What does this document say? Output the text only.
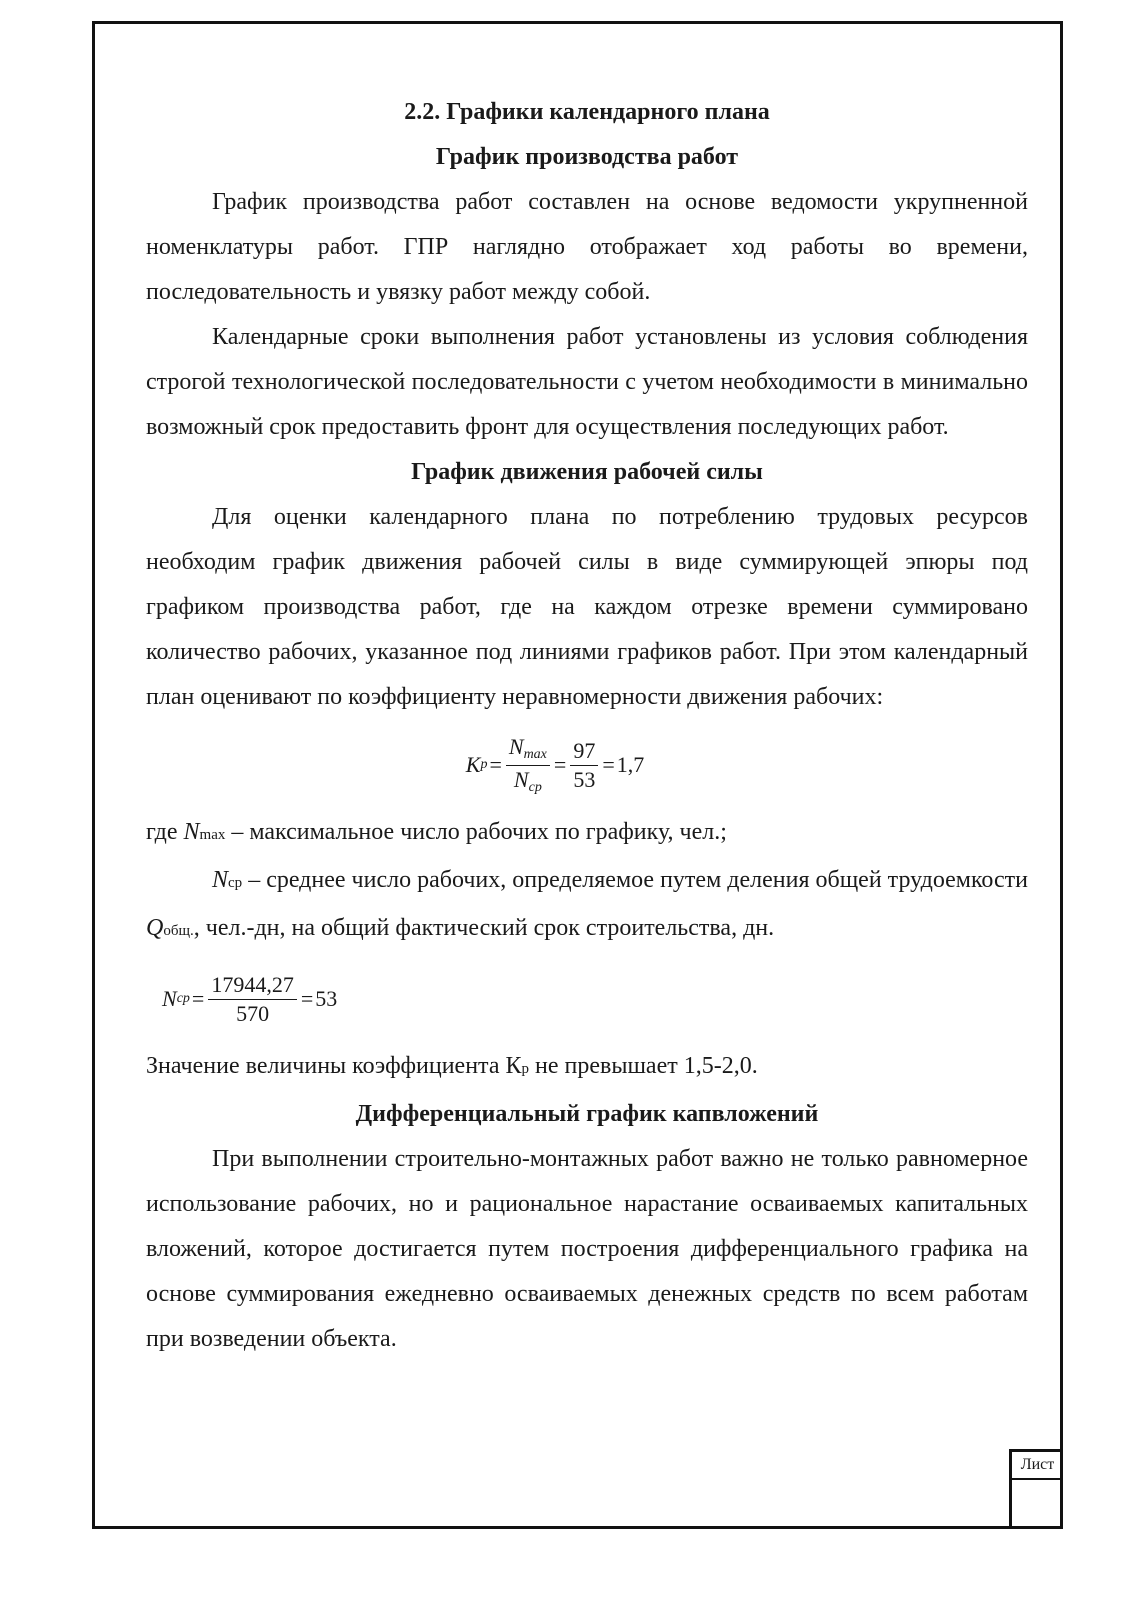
2.2. Графики календарного плана

График производства работ

График производства работ составлен на основе ведомости укрупненной номенклатуры работ. ГПР наглядно отображает ход работы во времени, последовательность и увязку работ между собой.

Календарные сроки выполнения работ установлены из условия соблюдения строгой технологической последовательности с учетом необходимости в минимально возможный срок предоставить фронт для осуществления последующих работ.

График движения рабочей силы

Для оценки календарного плана по потреблению трудовых ресурсов необходим график движения рабочей силы в виде суммирующей эпюры под графиком производства работ, где на каждом отрезке времени суммировано количество рабочих, указанное под линиями графиков работ. При этом календарный план оценивают по коэффициенту неравномерности движения рабочих:

K $p = \frac{N_{max}}{N_{ср}} = \frac{97}{53} = 1,7$

где Nmax – максимальное число рабочих по графику, чел.;

Nср – среднее число рабочих, определяемое путем деления общей трудоемкости Qобщ., чел.-дн, на общий фактический срок строительства, дн.

N ср = $\frac{17944,27}{570} = 53$

Значение величины коэффициента Кр не превышает 1,5-2,0.

Дифференциальный график капвложений

При выполнении строительно-монтажных работ важно не только равномерное использование рабочих, но и рациональное нарастание осваиваемых капитальных вложений, которое достигается путем построения дифференциального графика на основе суммирования ежедневно осваиваемых денежных средств по всем работам при возведении объекта.

Лист
